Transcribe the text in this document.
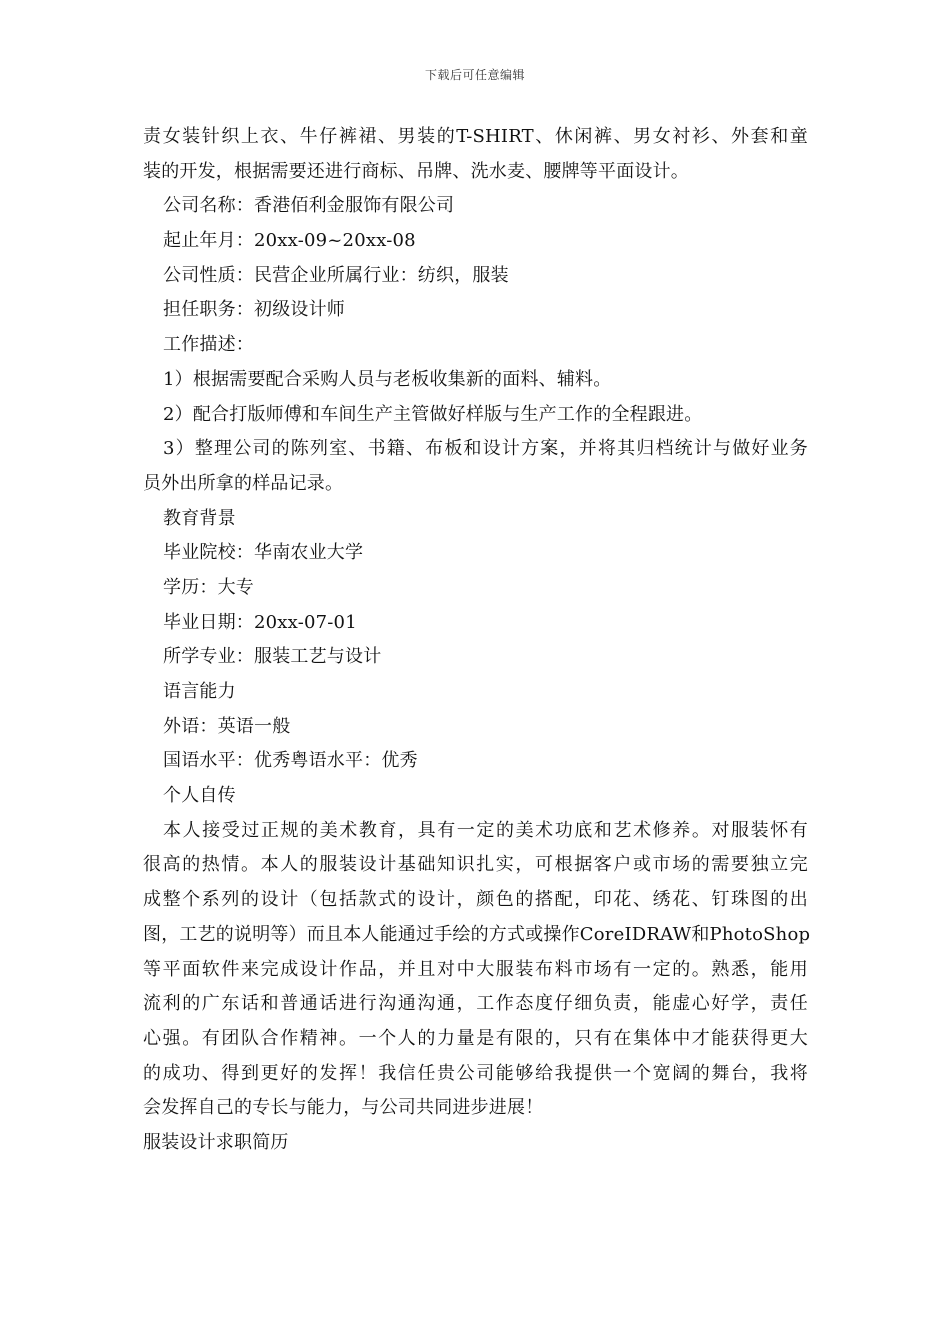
下载后可任意编辑
责女装针织上衣、牛仔裤裙、男装的T-SHIRT、休闲裤、男女衬衫、外套和童
装的开发，根据需要还进行商标、吊牌、洗水麦、腰牌等平面设计。
公司名称：香港佰利金服饰有限公司
起止年月：20xx-09~20xx-08
公司性质：民营企业所属行业：纺织，服装
担任职务：初级设计师
工作描述：
1）根据需要配合采购人员与老板收集新的面料、辅料。
2）配合打版师傅和车间生产主管做好样版与生产工作的全程跟进。
3）整理公司的陈列室、书籍、布板和设计方案，并将其归档统计与做好业务
员外出所拿的样品记录。
教育背景
毕业院校：华南农业大学
学历：大专
毕业日期：20xx-07-01
所学专业：服装工艺与设计
语言能力
外语：英语一般
国语水平：优秀粤语水平：优秀
个人自传
本人接受过正规的美术教育，具有一定的美术功底和艺术修养。对服装怀有
很高的热情。本人的服装设计基础知识扎实，可根据客户或市场的需要独立完
成整个系列的设计（包括款式的设计，颜色的搭配，印花、绣花、钉珠图的出
图，工艺的说明等）而且本人能通过手绘的方式或操作CoreIDRAW和PhotoShop
等平面软件来完成设计作品，并且对中大服装布料市场有一定的。熟悉，能用
流利的广东话和普通话进行沟通沟通，工作态度仔细负责，能虚心好学，责任
心强。有团队合作精神。一个人的力量是有限的，只有在集体中才能获得更大
的成功、得到更好的发挥！我信任贵公司能够给我提供一个宽阔的舞台，我将
会发挥自己的专长与能力，与公司共同进步进展！
服装设计求职简历
